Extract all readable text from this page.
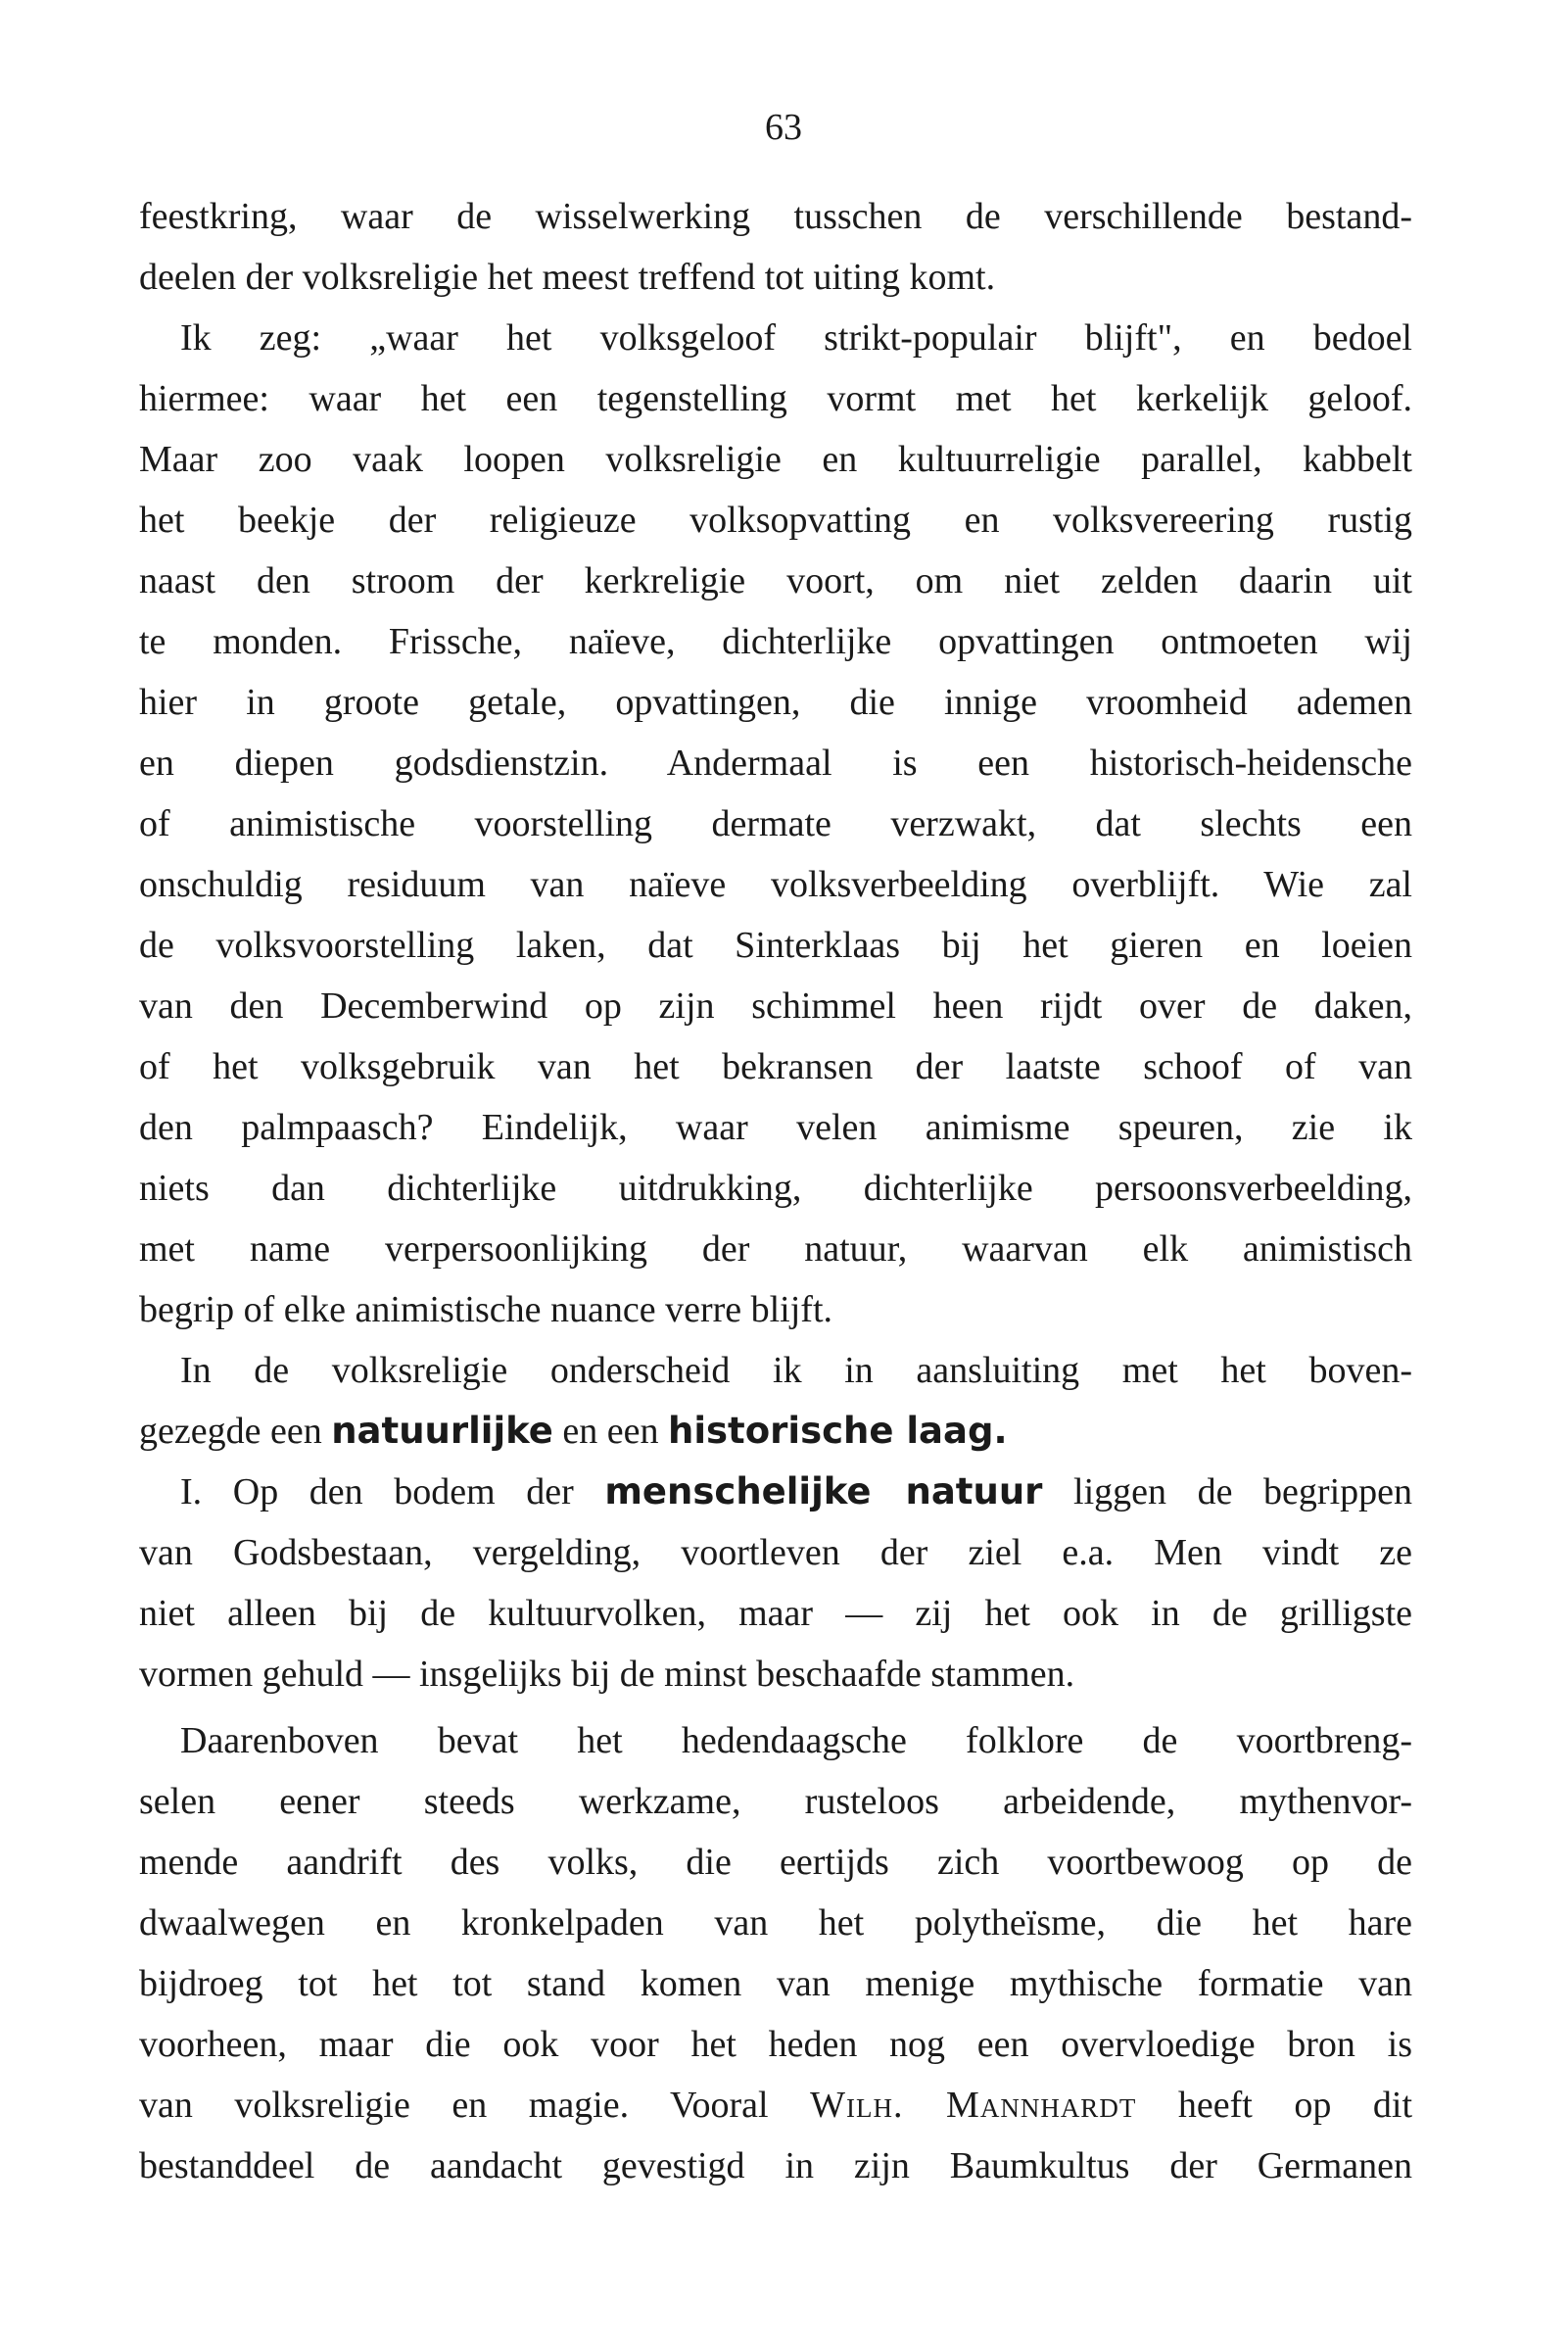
63
feestkring, waar de wisselwerking tusschen de verschillende bestand-
deelen der volksreligie het meest treffend tot uiting komt.
Ik zeg: „waar het volksgeloof strikt-populair blijft", en bedoel
hiermee: waar het een tegenstelling vormt met het kerkelijk geloof.
Maar zoo vaak loopen volksreligie en kultuurreligie parallel, kabbelt
het beekje der religieuze volksopvatting en volksvereering rustig
naast den stroom der kerkreligie voort, om niet zelden daarin uit
te monden. Frissche, naïeve, dichterlijke opvattingen ontmoeten wij
hier in groote getale, opvattingen, die innige vroomheid ademen
en diepen godsdienstzin. Andermaal is een historisch-heidensche
of animistische voorstelling dermate verzwakt, dat slechts een
onschuldig residuum van naïeve volksverbeelding overblijft. Wie zal
de volksvoorstelling laken, dat Sinterklaas bij het gieren en loeien
van den Decemberwind op zijn schimmel heen rijdt over de daken,
of het volksgebruik van het bekransen der laatste schoof of van
den palmpaasch? Eindelijk, waar velen animisme speuren, zie ik
niets dan dichterlijke uitdrukking, dichterlijke persoonsverbeelding,
met name verpersoonlijking der natuur, waarvan elk animistisch
begrip of elke animistische nuance verre blijft.
In de volksreligie onderscheid ik in aansluiting met het boven-
gezegde een natuurlijke en een historische laag.
I. Op den bodem der menschelijke natuur liggen de begrippen
van Godsbestaan, vergelding, voortleven der ziel e.a. Men vindt ze
niet alleen bij de kultuurvolken, maar — zij het ook in de grilligste
vormen gehuld — insgelijks bij de minst beschaafde stammen.
Daarenboven bevat het hedendaagsche folklore de voortbreng-
selen eener steeds werkzame, rusteloos arbeidende, mythenvor-
mende aandrift des volks, die eertijds zich voortbewoog op de
dwaalwegen en kronkelpaden van het polytheïsme, die het hare
bijdroeg tot het tot stand komen van menige mythische formatie van
voorheen, maar die ook voor het heden nog een overvloedige bron is
van volksreligie en magie. Vooral Wilh. Mannhardt heeft op dit
bestanddeel de aandacht gevestigd in zijn Baumkultus der Germanen
